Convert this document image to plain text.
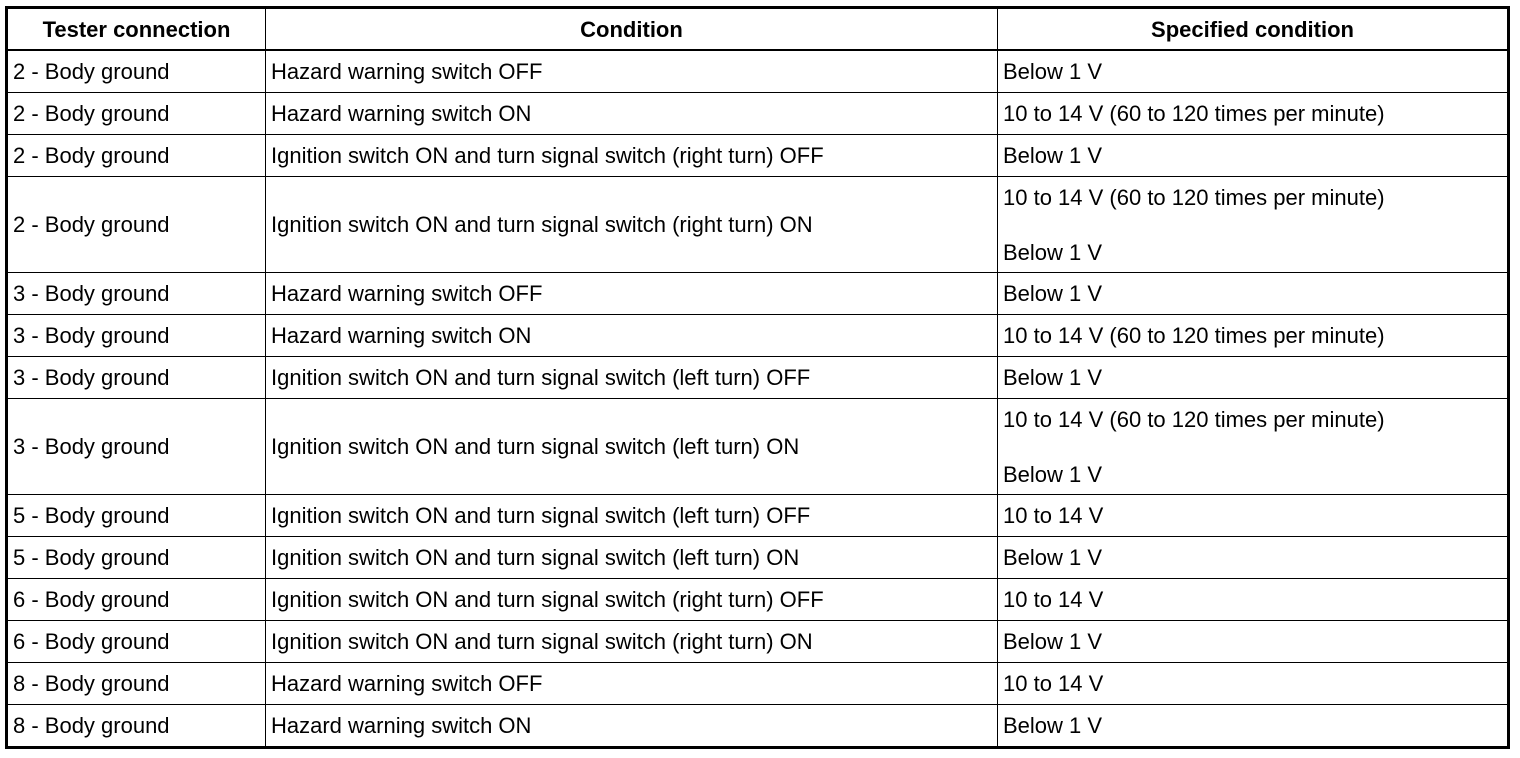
Tester connection	Condition	Specified condition
2 - Body ground	Hazard warning switch OFF	Below 1 V

2 - Body ground	Hazard warning switch ON	10 to 14 V (60 to 120 times per minute)

2 - Body ground	Ignition switch ON and turn signal switch (right turn) OFF	Below 1 V

2 - Body ground	Ignition switch ON and turn signal switch (right turn) ON	10 to 14 V (60 to 120 times per minute)
Below 1 V

3 - Body ground	Hazard warning switch OFF	Below 1 V

3 - Body ground	Hazard warning switch ON	10 to 14 V (60 to 120 times per minute)

3 - Body ground	Ignition switch ON and turn signal switch (left turn) OFF	Below 1 V

3 - Body ground	Ignition switch ON and turn signal switch (left turn) ON	10 to 14 V (60 to 120 times per minute)
Below 1 V

5 - Body ground	Ignition switch ON and turn signal switch (left turn) OFF	10 to 14 V

5 - Body ground	Ignition switch ON and turn signal switch (left turn) ON	Below 1 V

6 - Body ground	Ignition switch ON and turn signal switch (right turn) OFF	10 to 14 V

6 - Body ground	Ignition switch ON and turn signal switch (right turn) ON	Below 1 V

8 - Body ground	Hazard warning switch OFF	10 to 14 V

8 - Body ground	Hazard warning switch ON	Below 1 V
